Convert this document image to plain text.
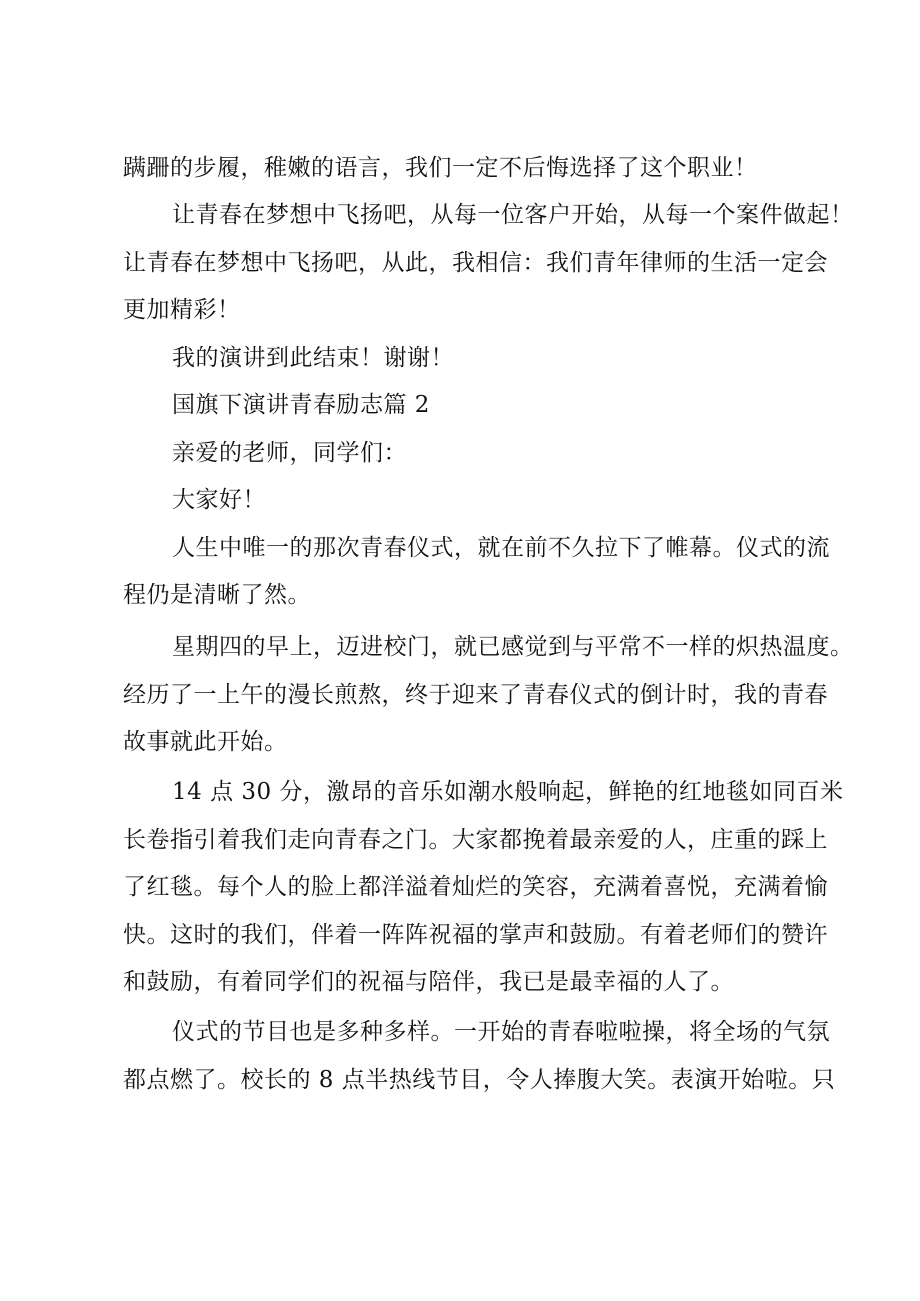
蹒跚的步履，稚嫩的语言，我们一定不后悔选择了这个职业！
让青春在梦想中飞扬吧，从每一位客户开始，从每一个案件做起！
让青春在梦想中飞扬吧，从此，我相信：我们青年律师的生活一定会
更加精彩！
我的演讲到此结束！谢谢！
国旗下演讲青春励志篇 2
亲爱的老师，同学们：
大家好！
人生中唯一的那次青春仪式，就在前不久拉下了帷幕。仪式的流
程仍是清晰了然。
星期四的早上，迈进校门，就已感觉到与平常不一样的炽热温度。
经历了一上午的漫长煎熬，终于迎来了青春仪式的倒计时，我的青春
故事就此开始。
14 点 30 分，激昂的音乐如潮水般响起，鲜艳的红地毯如同百米
长卷指引着我们走向青春之门。大家都挽着最亲爱的人，庄重的踩上
了红毯。每个人的脸上都洋溢着灿烂的笑容，充满着喜悦，充满着愉
快。这时的我们，伴着一阵阵祝福的掌声和鼓励。有着老师们的赞许
和鼓励，有着同学们的祝福与陪伴，我已是最幸福的人了。
仪式的节目也是多种多样。一开始的青春啦啦操，将全场的气氛
都点燃了。校长的 8 点半热线节目，令人捧腹大笑。表演开始啦。只
